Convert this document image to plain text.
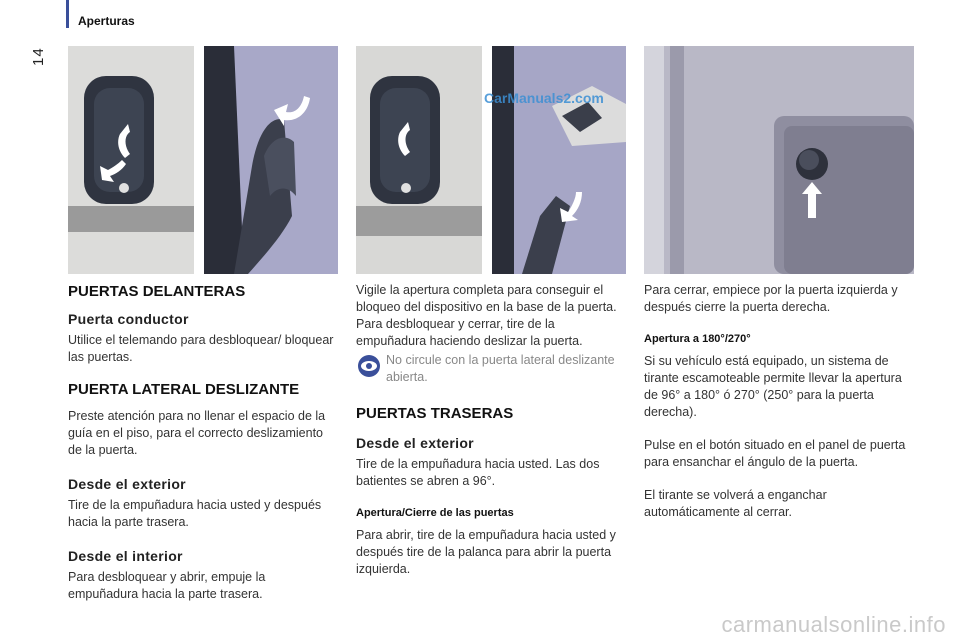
Aperturas
14
CarManuals2.com
PUERTAS DELANTERAS
Puerta conductor

Utilice el telemando para desbloquear/ bloquear las puertas.

PUERTA LATERAL DESLIZANTE

Preste atención para no llenar el espacio de la guía en el piso, para el correcto deslizamiento de la puerta.

Desde el exterior

Tire de la empuñadura hacia usted y después hacia la parte trasera.

Desde el interior

Para desbloquear y abrir, empuje la empuñadura hacia la parte trasera.

Vigile la apertura completa para conseguir el bloqueo del dispositivo en la base de la puerta.

Para desbloquear y cerrar, tire de la empuñadura haciendo deslizar la puerta.

No circule con la puerta lateral deslizante abierta.
PUERTAS TRASERAS
Desde el exterior

Tire de la empuñadura hacia usted. Las dos batientes se abren a 96°.

Apertura/Cierre de las puertas

Para abrir, tire de la empuñadura hacia usted y después tire de la palanca para abrir la puerta izquierda.

Para cerrar, empiece por la puerta izquierda y después cierre la puerta derecha.

Apertura a 180°/270°

Si su vehículo está equipado, un sistema de tirante escamoteable permite llevar la apertura de 96° a 180° ó 270° (250° para la puerta derecha).

Pulse en el botón situado en el panel de puerta para ensanchar el ángulo de la puerta.

El tirante se volverá a enganchar automáticamente al cerrar.

carmanualsonline.info
